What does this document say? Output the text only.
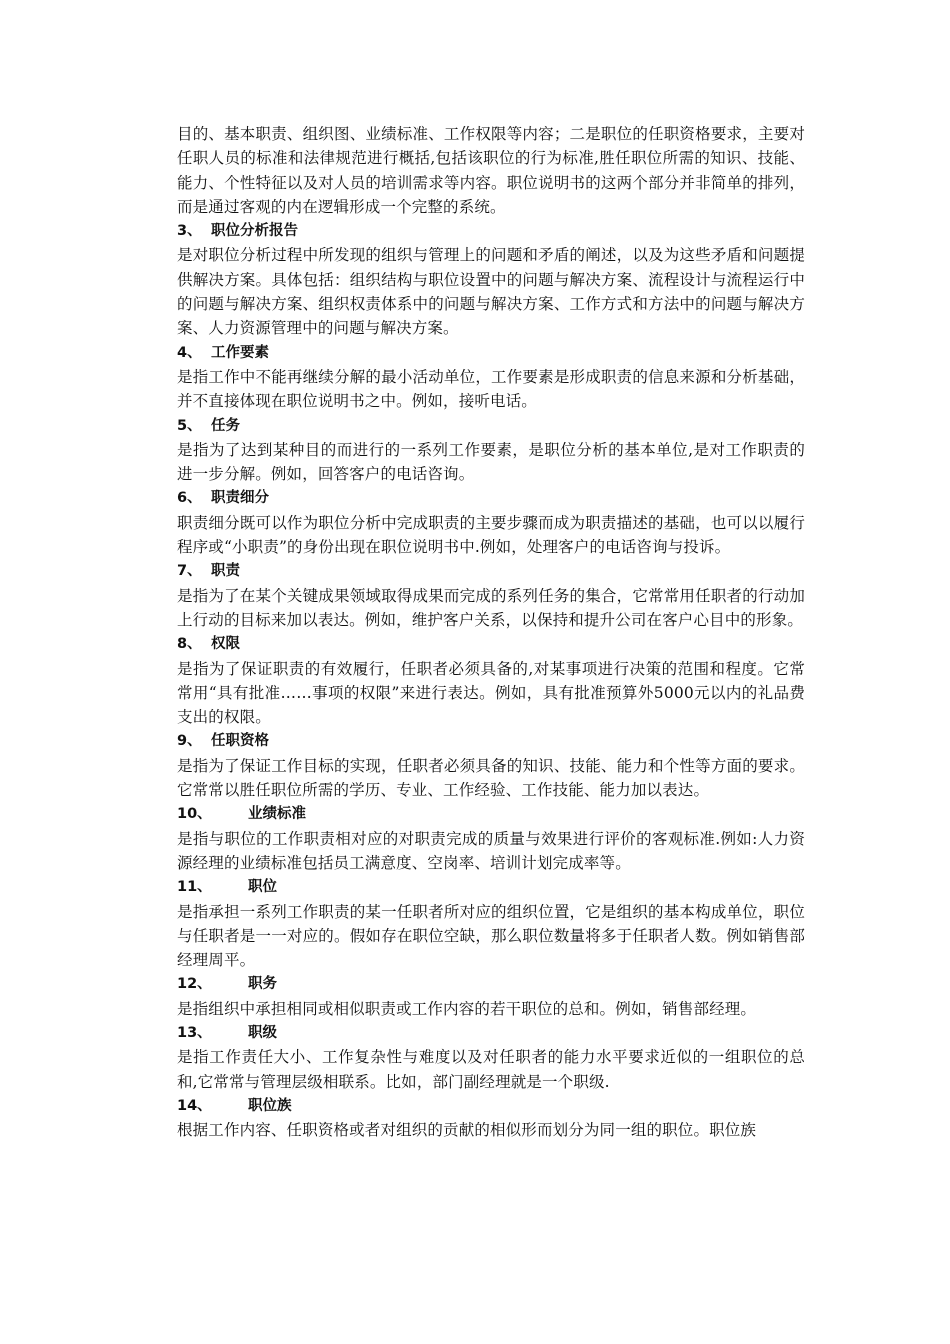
目的、基本职责、组织图、业绩标准、工作权限等内容；二是职位的任职资格要求，主要对任职人员的标准和法律规范进行概括,包括该职位的行为标准,胜任职位所需的知识、技能、能力、个性特征以及对人员的培训需求等内容。职位说明书的这两个部分并非简单的排列，而是通过客观的内在逻辑形成一个完整的系统。

3、 职位分析报告

是对职位分析过程中所发现的组织与管理上的问题和矛盾的阐述，以及为这些矛盾和问题提供解决方案。具体包括：组织结构与职位设置中的问题与解决方案、流程设计与流程运行中的问题与解决方案、组织权责体系中的问题与解决方案、工作方式和方法中的问题与解决方案、人力资源管理中的问题与解决方案。

4、 工作要素

是指工作中不能再继续分解的最小活动单位，工作要素是形成职责的信息来源和分析基础，并不直接体现在职位说明书之中。例如，接听电话。

5、 任务

是指为了达到某种目的而进行的一系列工作要素，是职位分析的基本单位,是对工作职责的进一步分解。例如，回答客户的电话咨询。

6、 职责细分

职责细分既可以作为职位分析中完成职责的主要步骤而成为职责描述的基础，也可以以履行程序或“小职责”的身份出现在职位说明书中.例如，处理客户的电话咨询与投诉。

7、 职责

是指为了在某个关键成果领域取得成果而完成的系列任务的集合，它常常用任职者的行动加上行动的目标来加以表达。例如，维护客户关系，以保持和提升公司在客户心目中的形象。

8、 权限

是指为了保证职责的有效履行，任职者必须具备的,对某事项进行决策的范围和程度。它常常用“具有批准……事项的权限”来进行表达。例如，具有批准预算外5000元以内的礼品费支出的权限。

9、 任职资格

是指为了保证工作目标的实现，任职者必须具备的知识、技能、能力和个性等方面的要求。它常常以胜任职位所需的学历、专业、工作经验、工作技能、能力加以表达。

10、	业绩标准

是指与职位的工作职责相对应的对职责完成的质量与效果进行评价的客观标准.例如:人力资源经理的业绩标准包括员工满意度、空岗率、培训计划完成率等。

11、	职位

是指承担一系列工作职责的某一任职者所对应的组织位置，它是组织的基本构成单位，职位与任职者是一一对应的。假如存在职位空缺，那么职位数量将多于任职者人数。例如销售部经理周平。

12、	职务

是指组织中承担相同或相似职责或工作内容的若干职位的总和。例如，销售部经理。

13、	职级

是指工作责任大小、工作复杂性与难度以及对任职者的能力水平要求近似的一组职位的总和,它常常与管理层级相联系。比如，部门副经理就是一个职级.

14、	职位族

根据工作内容、任职资格或者对组织的贡献的相似形而划分为同一组的职位。职位族
